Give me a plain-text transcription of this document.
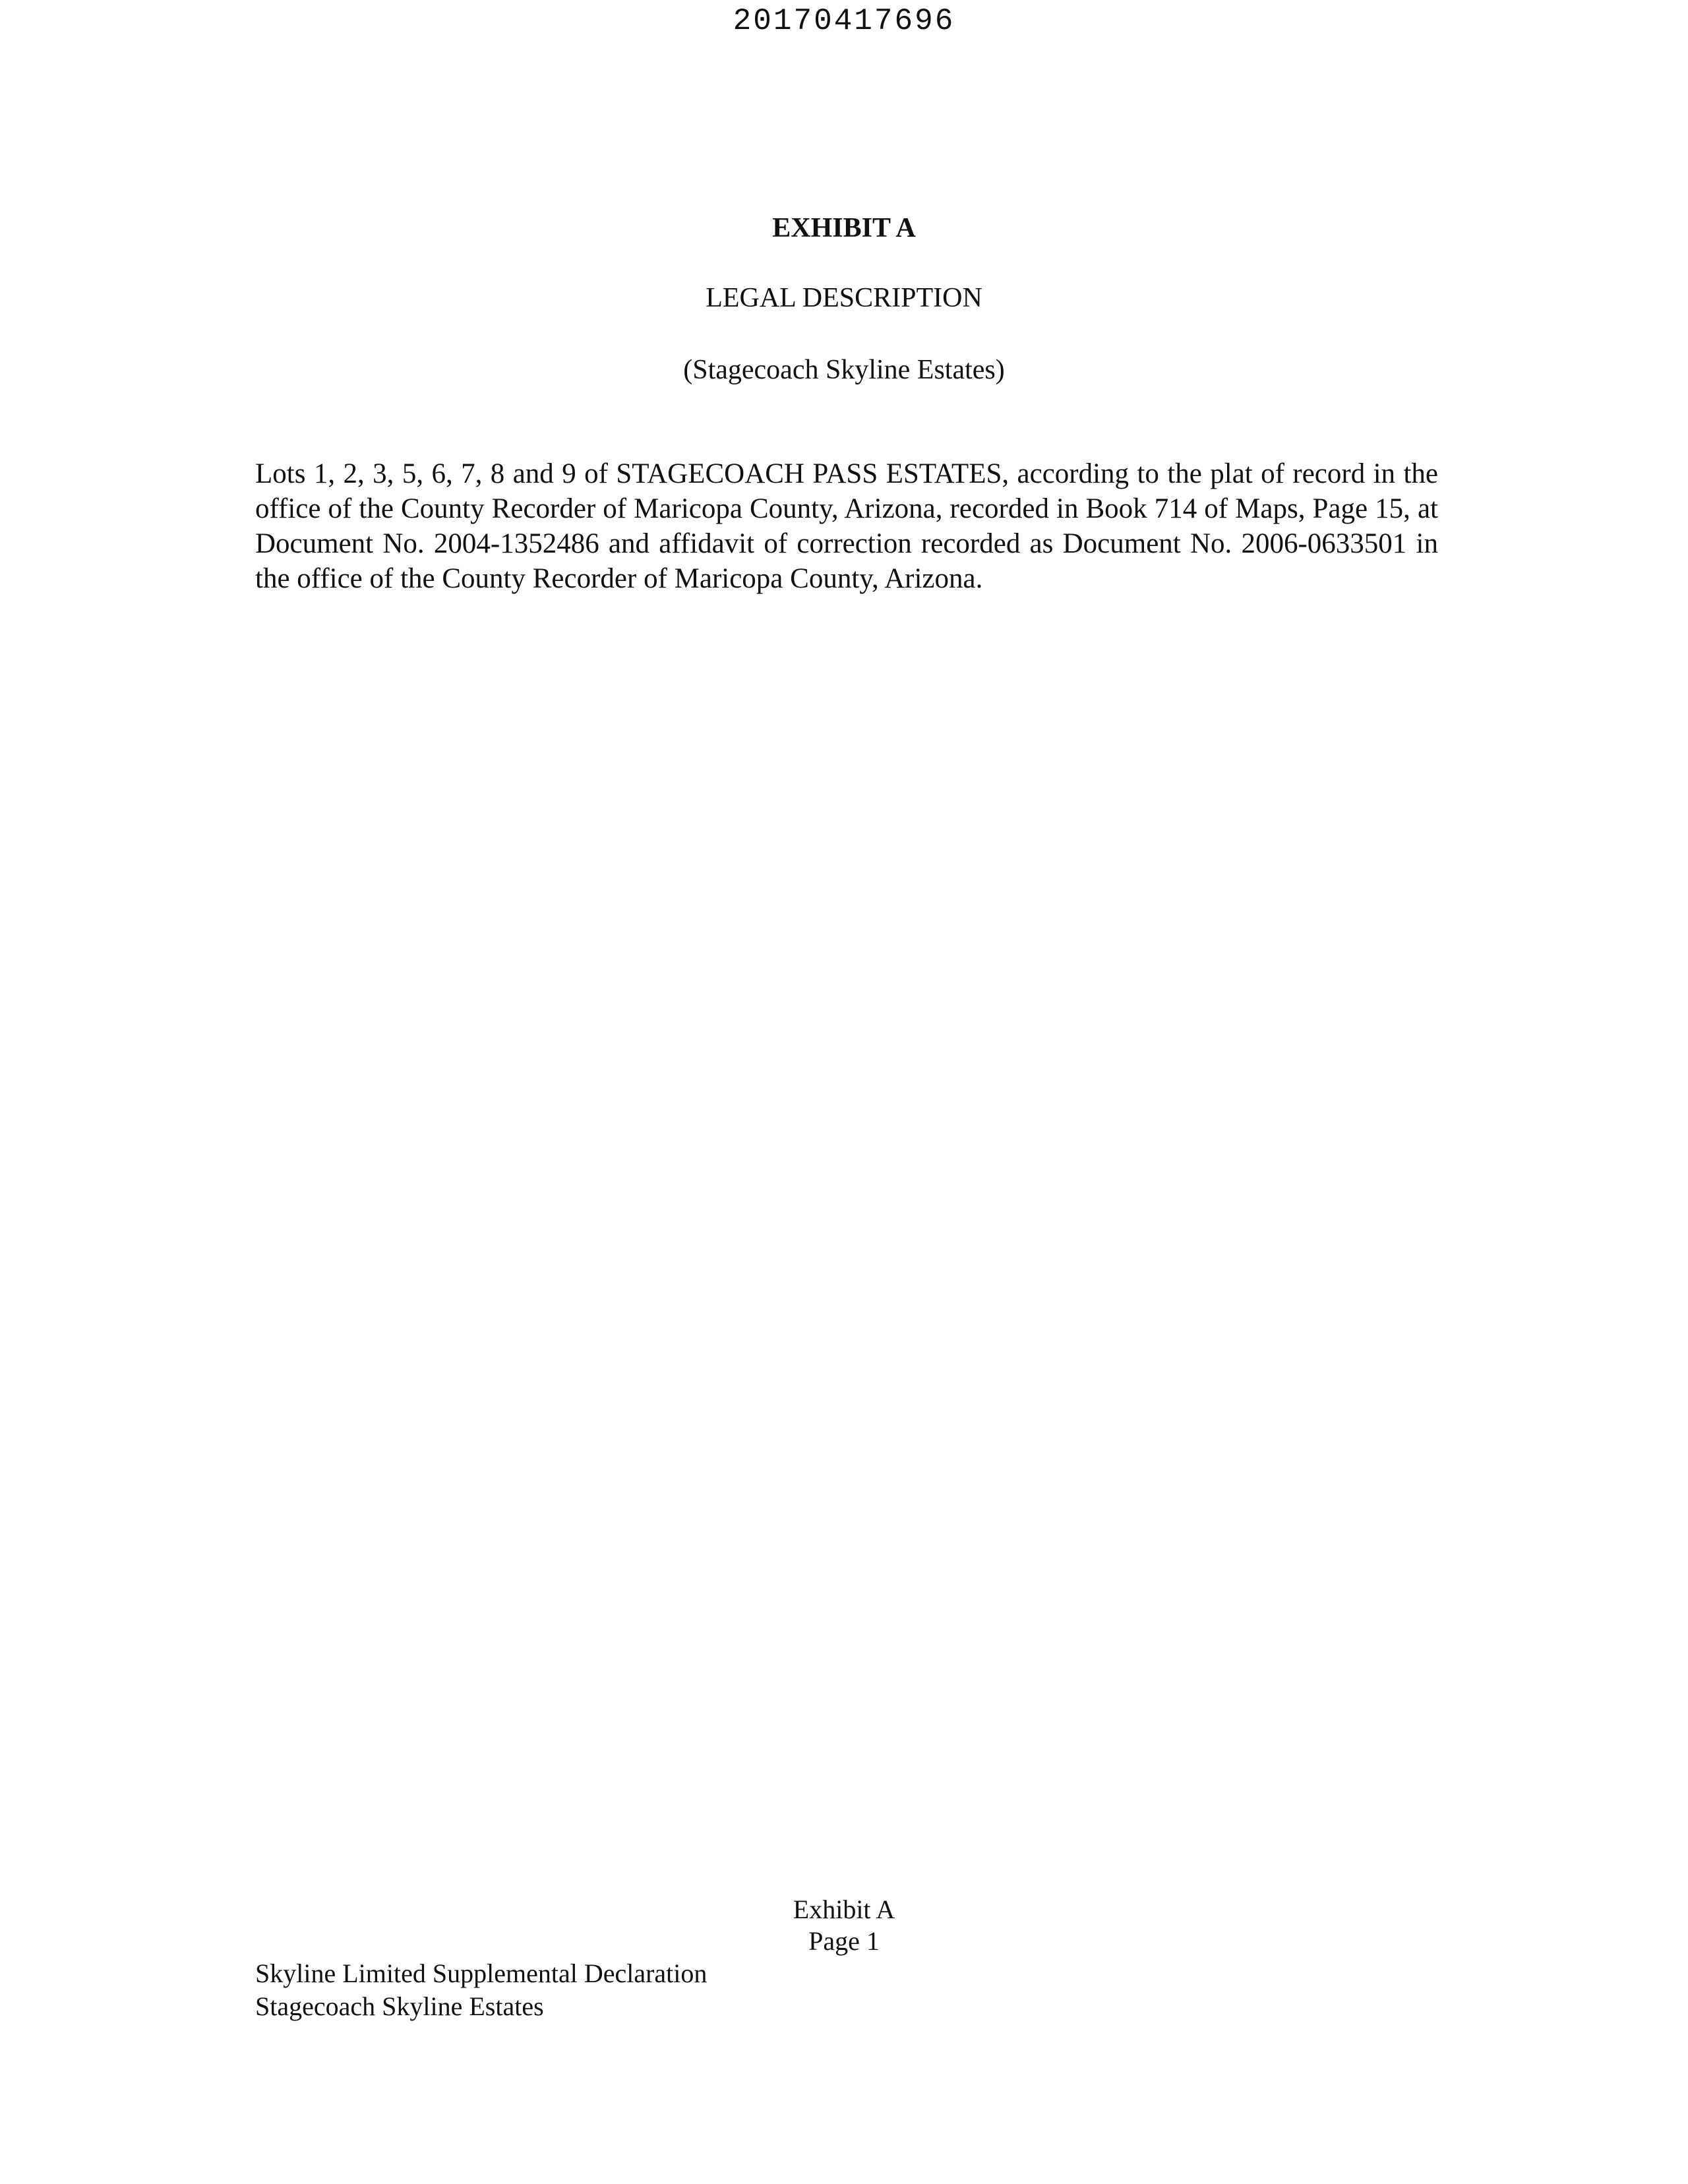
20170417696
EXHIBIT A
LEGAL DESCRIPTION
(Stagecoach Skyline Estates)

Lots 1, 2, 3, 5, 6, 7, 8 and 9 of STAGECOACH PASS ESTATES, according to the plat of record in the office of the County Recorder of Maricopa County, Arizona, recorded in Book 714 of Maps, Page 15, at Document No. 2004-1352486 and affidavit of correction recorded as Document No. 2006-0633501 in the office of the County Recorder of Maricopa County, Arizona.

Exhibit A
Page 1
Skyline Limited Supplemental Declaration
Stagecoach Skyline Estates
